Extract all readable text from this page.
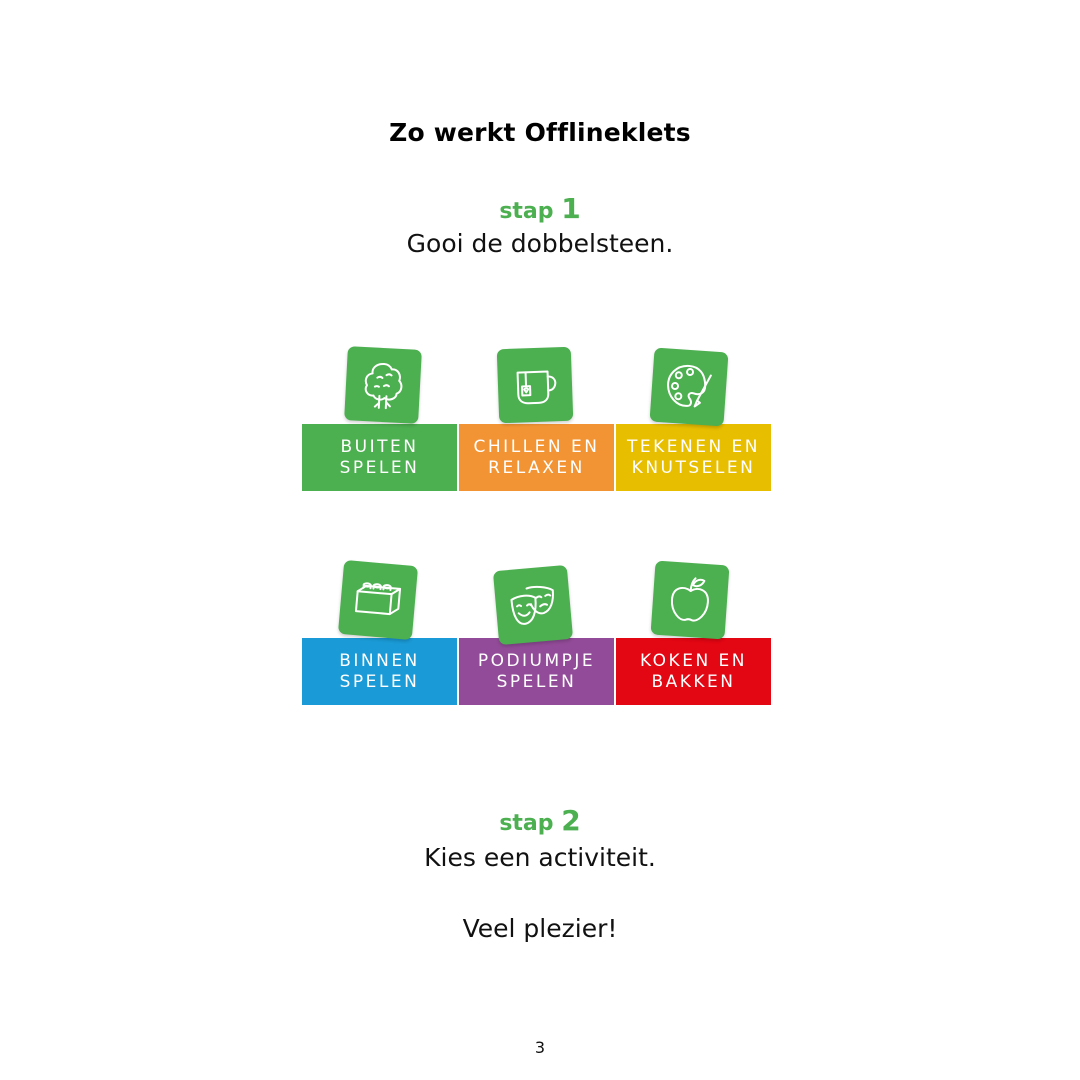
Zo werkt Offlineklets
stap 1
Gooi de dobbelsteen.
BUITEN
SPELEN
CHILLEN EN
RELAXEN
TEKENEN EN
KNUTSELEN
BINNEN
SPELEN
PODIUMPJE
SPELEN
KOKEN EN
BAKKEN
stap 2
Kies een activiteit.
Veel plezier!
3
